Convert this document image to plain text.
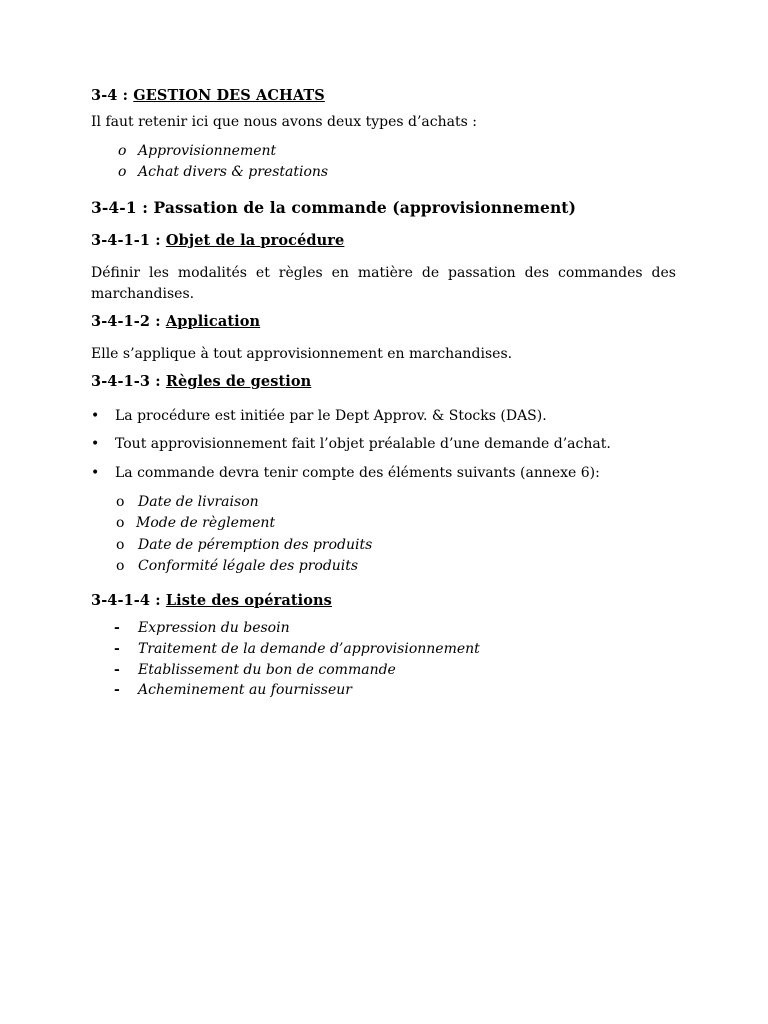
3-4 : GESTION DES ACHATS
Il faut retenir ici que nous avons deux types d’achats :
o Approvisionnement
o Achat divers & prestations
3-4-1 : Passation de la commande (approvisionnement)
3-4-1-1 : Objet de la procédure
Définir les modalités et règles en matière de passation des commandes des marchandises.
3-4-1-2 : Application
Elle s’applique à tout approvisionnement en marchandises.
3-4-1-3 : Règles de gestion
• La procédure est initiée par le Dept Approv. & Stocks (DAS).
• Tout approvisionnement fait l’objet préalable d’une demande d’achat.
• La commande devra tenir compte des éléments suivants (annexe 6):
o Date de livraison
o Mode de règlement
o Date de péremption des produits
o Conformité légale des produits
3-4-1-4 : Liste des opérations
- Expression du besoin
- Traitement de la demande d’approvisionnement
- Etablissement du bon de commande
- Acheminement au fournisseur
